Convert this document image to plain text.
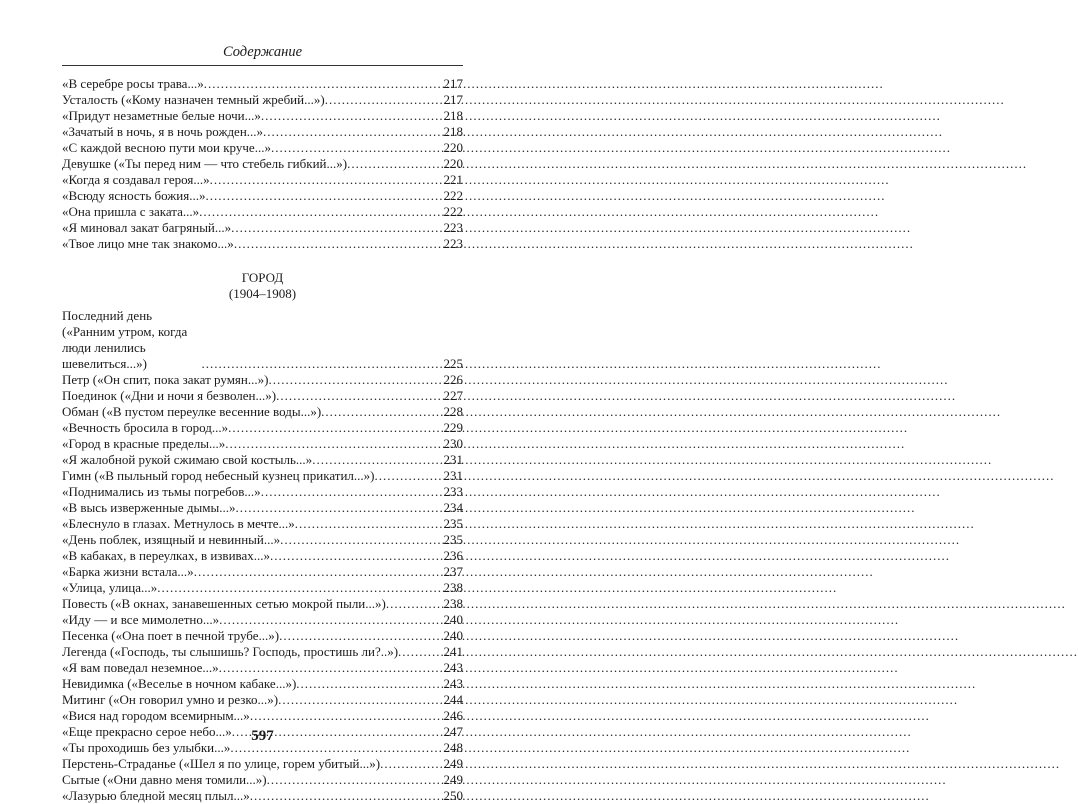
Содержание
«В серебре росы трава...» .....	217
Усталость («Кому назначен темный жребий...») .....	217
«Придут незаметные белые ночи...» .....	218
«Зачатый в ночь, я в ночь рожден...» .....	218
«С каждой весною пути мои круче...» .....	220
Девушке («Ты перед ним — что стебель гибкий...») .....	220
«Когда я создавал героя...» .....	221
«Всюду ясность божия...» .....	222
«Она пришла с заката...» .....	222
«Я миновал закат багряный...» .....	223
«Твое лицо мне так знакомо...» .....	223
ГОРОД
(1904–1908)
Последний день («Ранним утром, когда люди ленились шевелиться...») .....	225
Петр («Он спит, пока закат румян...») .....	226
Поединок («Дни и ночи я безволен...») .....	227
Обман («В пустом переулке весенние воды...») .....	228
«Вечность бросила в город...» .....	229
«Город в красные пределы...» .....	230
«Я жалобной рукой сжимаю свой костыль...» .....	231
Гимн («В пыльный город небесный кузнец прикатил...») .....	231
«Поднимались из тьмы погребов...» .....	233
«В высь изверженные дымы...» .....	234
«Блеснуло в глазах. Метнулось в мечте...» .....	235
«День поблек, изящный и невинный...» .....	235
«В кабаках, в переулках, в извивах...» .....	236
«Барка жизни встала...» .....	237
«Улица, улица...» .....	238
Повесть («В окнах, занавешенных сетью мокрой пыли...») .....	238
«Иду — и все мимолетно...» .....	240
Песенка («Она поет в печной трубе...») .....	240
Легенда («Господь, ты слышишь? Господь, простишь ли?..») .....	241
«Я вам поведал неземное...» .....	243
Невидимка («Веселье в ночном кабаке...») .....	243
Митинг («Он говорил умно и резко...») .....	244
«Вися над городом всемирным...» .....	246
«Еще прекрасно серое небо...» .....	247
«Ты проходишь без улыбки...» .....	248
Перстень-Страданье («Шел я по улице, горем убитый...») .....	249
Сытые («Они давно меня томили...») .....	249
«Лазурью бледной месяц плыл...» .....	250
597
